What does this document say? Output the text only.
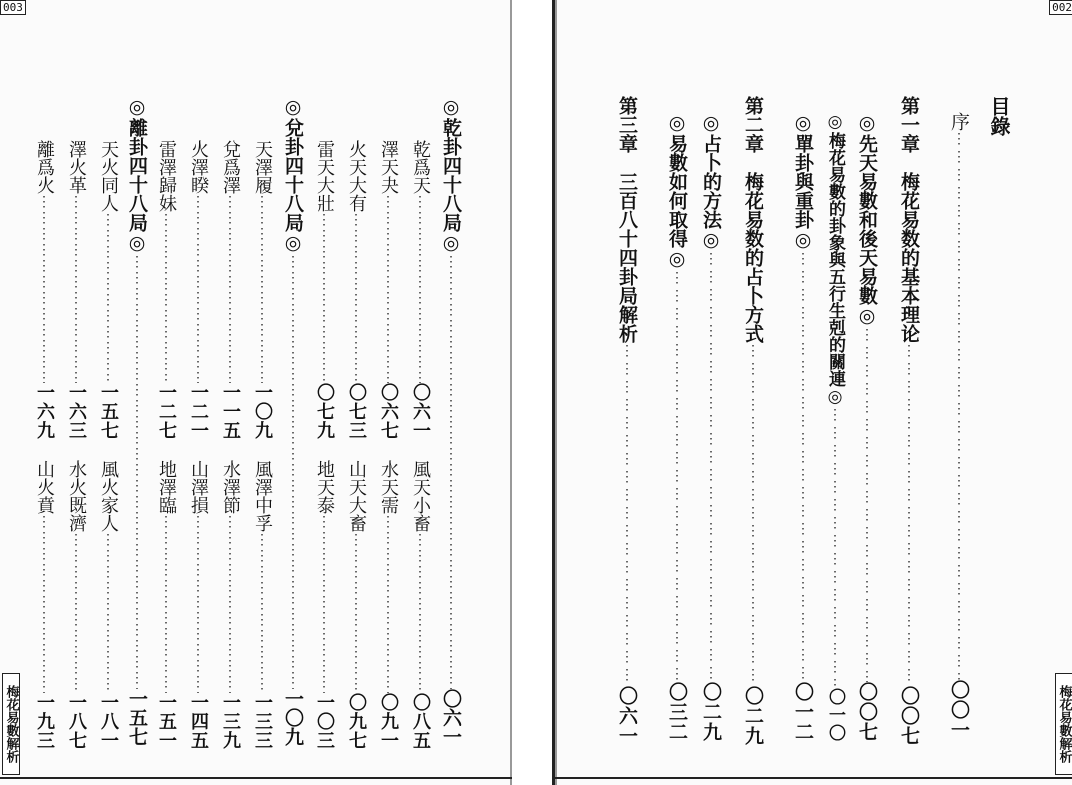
003
◎乾卦四十八局◎
⋮⋮⋮⋮⋮⋮⋮⋮⋮⋮⋮⋮⋮⋮⋮⋮⋮⋮⋮⋮⋮⋮⋮⋮⋮⋮⋮⋮⋮⋮⋮⋮⋮⋮⋮
〇六一
乾爲天
⋮⋮⋮⋮⋮⋮⋮⋮⋮⋮⋮⋮⋮⋮⋮⋮⋮⋮⋮⋮⋮⋮⋮⋮⋮⋮⋮
〇六一
風天小畜
⋮⋮⋮⋮⋮⋮⋮⋮⋮⋮⋮⋮⋮⋮⋮⋮⋮⋮⋮⋮⋮⋮⋮⋮⋮⋮⋮
〇八五
澤天夬
⋮⋮⋮⋮⋮⋮⋮⋮⋮⋮⋮⋮⋮⋮⋮⋮⋮⋮⋮⋮⋮⋮⋮⋮⋮⋮⋮
〇六七
水天需
⋮⋮⋮⋮⋮⋮⋮⋮⋮⋮⋮⋮⋮⋮⋮⋮⋮⋮⋮⋮⋮⋮⋮⋮⋮⋮⋮
〇九一
火天大有
⋮⋮⋮⋮⋮⋮⋮⋮⋮⋮⋮⋮⋮⋮⋮⋮⋮⋮⋮⋮⋮⋮⋮⋮⋮⋮⋮
〇七三
山天大畜
⋮⋮⋮⋮⋮⋮⋮⋮⋮⋮⋮⋮⋮⋮⋮⋮⋮⋮⋮⋮⋮⋮⋮⋮⋮⋮⋮
〇九七
雷天大壯
⋮⋮⋮⋮⋮⋮⋮⋮⋮⋮⋮⋮⋮⋮⋮⋮⋮⋮⋮⋮⋮⋮⋮⋮⋮⋮⋮
〇七九
地天泰
⋮⋮⋮⋮⋮⋮⋮⋮⋮⋮⋮⋮⋮⋮⋮⋮⋮⋮⋮⋮⋮⋮⋮⋮⋮⋮⋮
一〇三
◎兌卦四十八局◎
⋮⋮⋮⋮⋮⋮⋮⋮⋮⋮⋮⋮⋮⋮⋮⋮⋮⋮⋮⋮⋮⋮⋮⋮⋮⋮⋮⋮⋮⋮⋮⋮⋮⋮⋮
一〇九
天澤履
⋮⋮⋮⋮⋮⋮⋮⋮⋮⋮⋮⋮⋮⋮⋮⋮⋮⋮⋮⋮⋮⋮⋮⋮⋮⋮⋮
一〇九
風澤中孚
⋮⋮⋮⋮⋮⋮⋮⋮⋮⋮⋮⋮⋮⋮⋮⋮⋮⋮⋮⋮⋮⋮⋮⋮⋮⋮⋮
一三三
兌爲澤
⋮⋮⋮⋮⋮⋮⋮⋮⋮⋮⋮⋮⋮⋮⋮⋮⋮⋮⋮⋮⋮⋮⋮⋮⋮⋮⋮
一一五
水澤節
⋮⋮⋮⋮⋮⋮⋮⋮⋮⋮⋮⋮⋮⋮⋮⋮⋮⋮⋮⋮⋮⋮⋮⋮⋮⋮⋮
一三九
火澤睽
⋮⋮⋮⋮⋮⋮⋮⋮⋮⋮⋮⋮⋮⋮⋮⋮⋮⋮⋮⋮⋮⋮⋮⋮⋮⋮⋮
一二一
山澤損
⋮⋮⋮⋮⋮⋮⋮⋮⋮⋮⋮⋮⋮⋮⋮⋮⋮⋮⋮⋮⋮⋮⋮⋮⋮⋮⋮
一四五
雷澤歸妹
⋮⋮⋮⋮⋮⋮⋮⋮⋮⋮⋮⋮⋮⋮⋮⋮⋮⋮⋮⋮⋮⋮⋮⋮⋮⋮⋮
一二七
地澤臨
⋮⋮⋮⋮⋮⋮⋮⋮⋮⋮⋮⋮⋮⋮⋮⋮⋮⋮⋮⋮⋮⋮⋮⋮⋮⋮⋮
一五一
◎離卦四十八局◎
⋮⋮⋮⋮⋮⋮⋮⋮⋮⋮⋮⋮⋮⋮⋮⋮⋮⋮⋮⋮⋮⋮⋮⋮⋮⋮⋮⋮⋮⋮⋮⋮⋮⋮⋮
一五七
天火同人
⋮⋮⋮⋮⋮⋮⋮⋮⋮⋮⋮⋮⋮⋮⋮⋮⋮⋮⋮⋮⋮⋮⋮⋮⋮⋮⋮
一五七
風火家人
⋮⋮⋮⋮⋮⋮⋮⋮⋮⋮⋮⋮⋮⋮⋮⋮⋮⋮⋮⋮⋮⋮⋮⋮⋮⋮⋮
一八一
澤火革
⋮⋮⋮⋮⋮⋮⋮⋮⋮⋮⋮⋮⋮⋮⋮⋮⋮⋮⋮⋮⋮⋮⋮⋮⋮⋮⋮
一六三
水火既濟
⋮⋮⋮⋮⋮⋮⋮⋮⋮⋮⋮⋮⋮⋮⋮⋮⋮⋮⋮⋮⋮⋮⋮⋮⋮⋮⋮
一八七
離爲火
⋮⋮⋮⋮⋮⋮⋮⋮⋮⋮⋮⋮⋮⋮⋮⋮⋮⋮⋮⋮⋮⋮⋮⋮⋮⋮⋮
一六九
山火賁
⋮⋮⋮⋮⋮⋮⋮⋮⋮⋮⋮⋮⋮⋮⋮⋮⋮⋮⋮⋮⋮⋮⋮⋮⋮⋮⋮
一九三
梅花易數解析
002
目錄
序
⋮⋮⋮⋮⋮⋮⋮⋮⋮⋮⋮⋮⋮⋮⋮⋮⋮⋮⋮⋮⋮⋮⋮⋮⋮⋮⋮⋮⋮⋮⋮⋮⋮⋮⋮⋮⋮⋮⋮⋮
〇〇一
第一章　梅花易数的基本理论
⋮⋮⋮⋮⋮⋮⋮⋮⋮⋮⋮⋮⋮⋮⋮⋮⋮⋮⋮⋮⋮⋮⋮⋮⋮⋮⋮⋮⋮⋮⋮⋮⋮⋮⋮⋮⋮⋮⋮⋮
〇〇七
◎先天易數和後天易數◎
⋮⋮⋮⋮⋮⋮⋮⋮⋮⋮⋮⋮⋮⋮⋮⋮⋮⋮⋮⋮⋮⋮⋮⋮⋮⋮⋮⋮⋮⋮⋮⋮⋮⋮⋮⋮⋮⋮⋮⋮
〇〇七
◎梅花易數的卦象與五行生剋的關連◎
⋮⋮⋮⋮⋮⋮⋮⋮⋮⋮⋮⋮⋮⋮⋮⋮⋮⋮⋮⋮⋮⋮⋮⋮⋮⋮⋮⋮⋮⋮⋮⋮⋮⋮⋮⋮⋮⋮⋮⋮
〇一〇
◎單卦與重卦◎
⋮⋮⋮⋮⋮⋮⋮⋮⋮⋮⋮⋮⋮⋮⋮⋮⋮⋮⋮⋮⋮⋮⋮⋮⋮⋮⋮⋮⋮⋮⋮⋮⋮⋮⋮⋮⋮⋮⋮⋮
〇一二
第二章　梅花易数的占卜方式
⋮⋮⋮⋮⋮⋮⋮⋮⋮⋮⋮⋮⋮⋮⋮⋮⋮⋮⋮⋮⋮⋮⋮⋮⋮⋮⋮⋮⋮⋮⋮⋮⋮⋮⋮⋮⋮⋮⋮⋮
〇二九
◎占卜的方法◎
⋮⋮⋮⋮⋮⋮⋮⋮⋮⋮⋮⋮⋮⋮⋮⋮⋮⋮⋮⋮⋮⋮⋮⋮⋮⋮⋮⋮⋮⋮⋮⋮⋮⋮⋮⋮⋮⋮⋮⋮
〇二九
◎易數如何取得◎
⋮⋮⋮⋮⋮⋮⋮⋮⋮⋮⋮⋮⋮⋮⋮⋮⋮⋮⋮⋮⋮⋮⋮⋮⋮⋮⋮⋮⋮⋮⋮⋮⋮⋮⋮⋮⋮⋮⋮⋮
〇三二
第三章　三百八十四卦局解析
⋮⋮⋮⋮⋮⋮⋮⋮⋮⋮⋮⋮⋮⋮⋮⋮⋮⋮⋮⋮⋮⋮⋮⋮⋮⋮⋮⋮⋮⋮⋮⋮⋮⋮⋮⋮⋮⋮⋮⋮
〇六一	梅花易數解析
